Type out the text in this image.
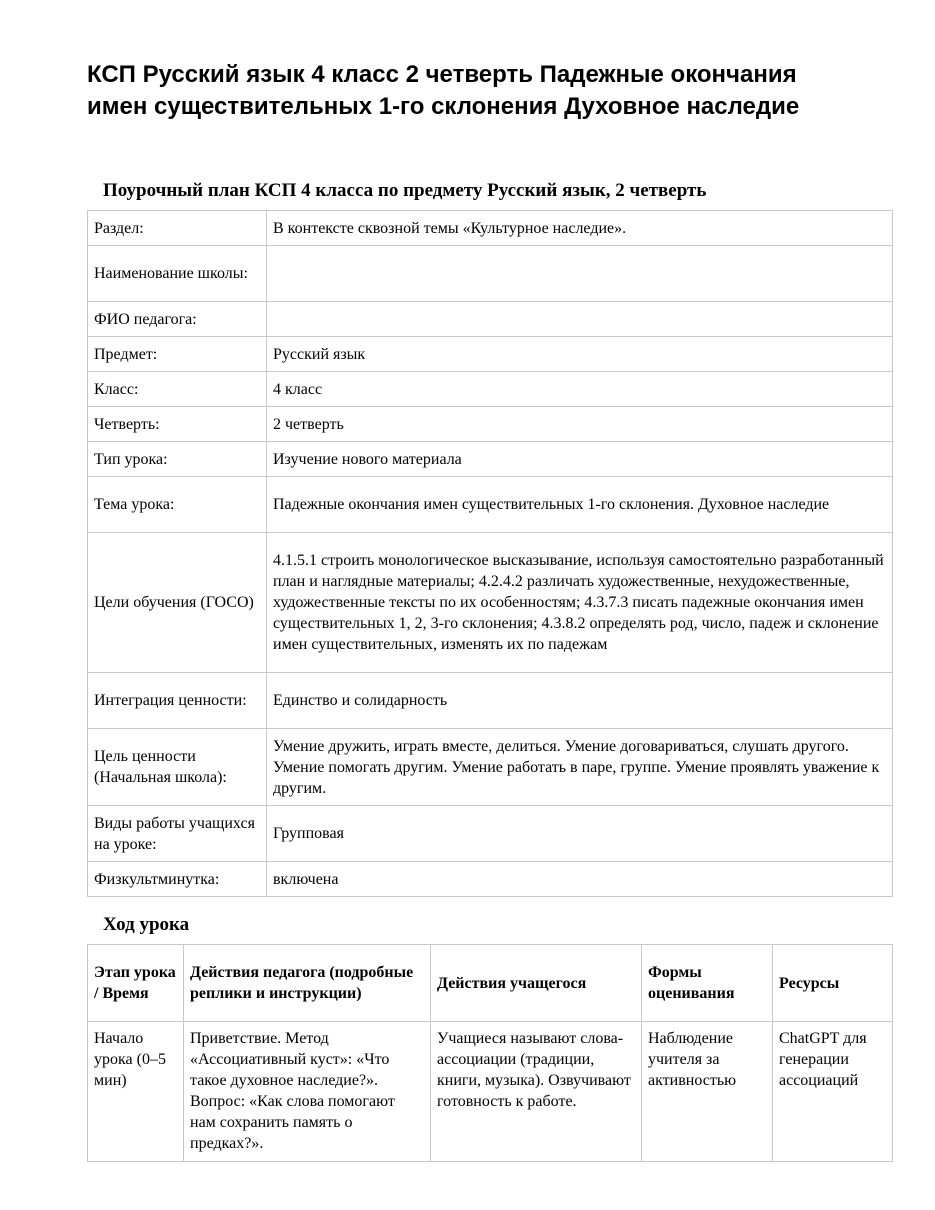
КСП Русский язык 4 класс 2 четверть Падежные окончания имен существительных 1-го склонения Духовное наследие
Поурочный план КСП 4 класса по предмету Русский язык, 2 четверть
Раздел:	В контексте сквозной темы «Культурное наследие».
Наименование школы:	
ФИО педагога:	
Предмет:	Русский язык
Класс:	4 класс
Четверть:	2 четверть
Тип урока:	Изучение нового материала
Тема урока:	Падежные окончания имен существительных 1-го склонения. Духовное наследие
Цели обучения (ГОСО)	4.1.5.1 строить монологическое высказывание, используя самостоятельно разработанный план и наглядные материалы; 4.2.4.2 различать художественные, нехудожественные, художественные тексты по их особенностям; 4.3.7.3 писать падежные окончания имен существительных 1, 2, 3-го склонения; 4.3.8.2 определять род, число, падеж и склонение имен существительных, изменять их по падежам
Интеграция ценности:	Единство и солидарность
Цель ценности (Начальная школа):	Умение дружить, играть вместе, делиться. Умение договариваться, слушать другого. Умение помогать другим. Умение работать в паре, группе. Умение проявлять уважение к другим.
Виды работы учащихся на уроке:	Групповая
Физкультминутка:	включена
Ход урока
Этап урока / Время	Действия педагога (подробные реплики и инструкции)	Действия учащегося	Формы оценивания	Ресурсы
Начало урока (0–5 мин)	Приветствие. Метод «Ассоциативный куст»: «Что такое духовное наследие?». Вопрос: «Как слова помогают нам сохранить память о предках?».	Учащиеся называют слова-ассоциации (традиции, книги, музыка). Озвучивают готовность к работе.	Наблюдение учителя за активностью	ChatGPT для генерации ассоциаций
